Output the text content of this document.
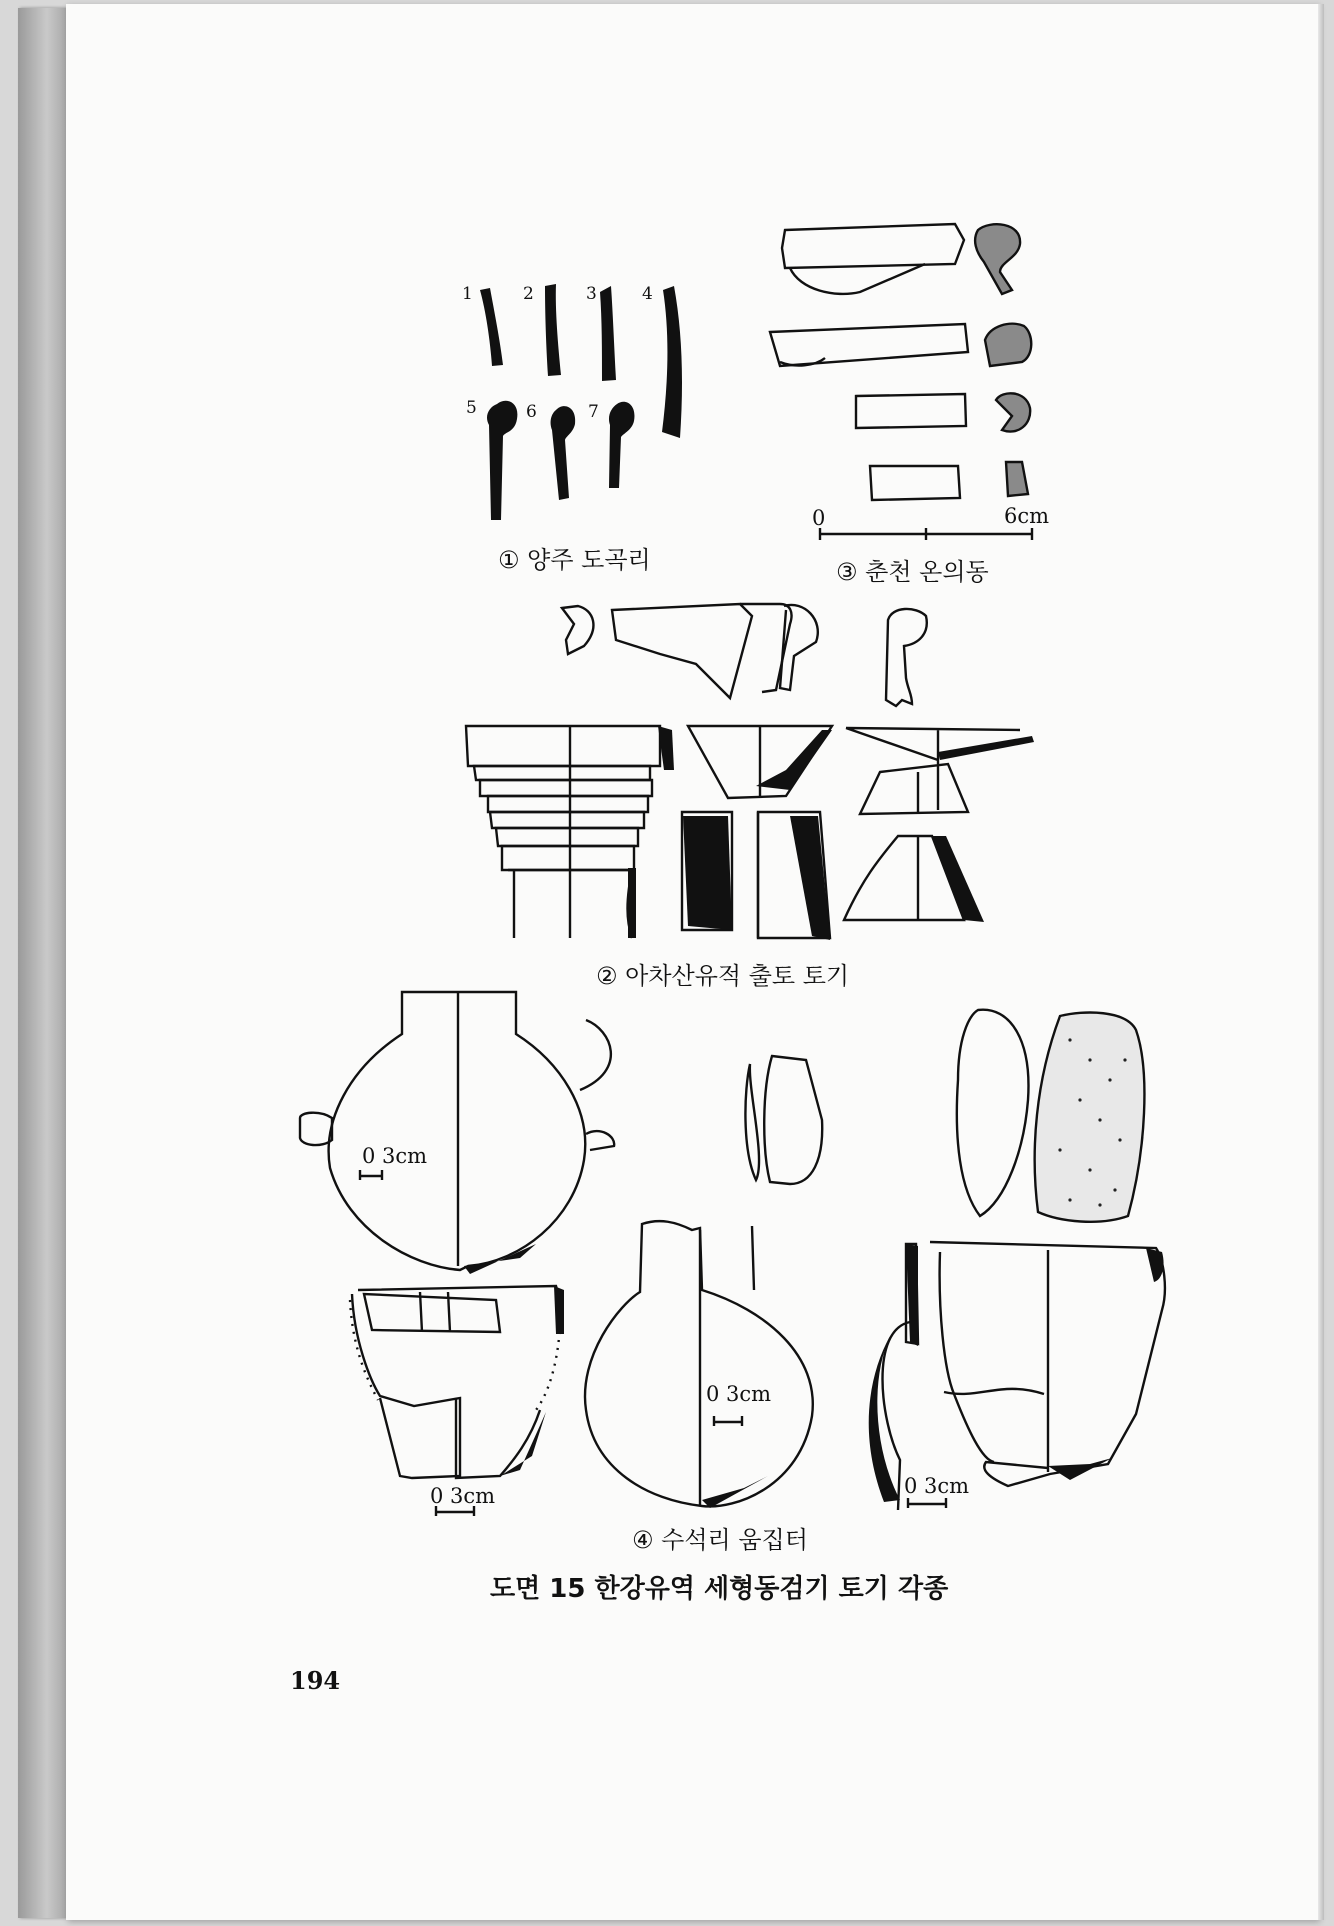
1	2	3	4
5	6	7
① 양주 도곡리
0	6cm
③ 춘천 온의동
② 아차산유적 출토 토기
0 3cm
0 3cm
0 3cm	0 3cm
④ 수석리 움집터
도면 15 한강유역 세형동검기 토기 각종
194
